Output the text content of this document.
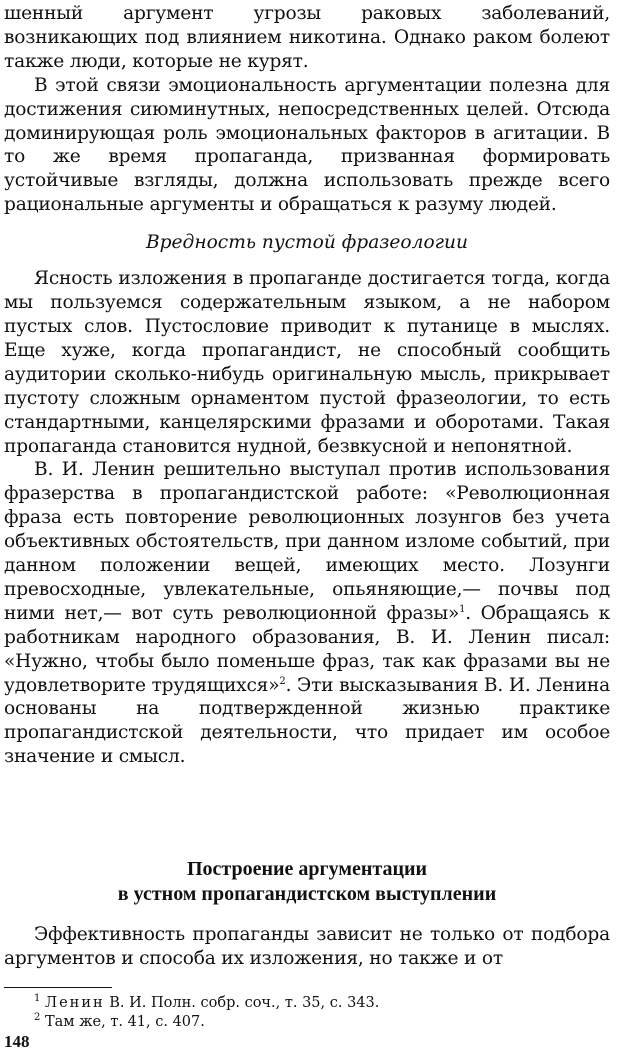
шенный аргумент угрозы раковых заболеваний, возникающих под влиянием никотина. Однако раком болеют также люди, которые не курят.

В этой связи эмоциональность аргументации полезна для достижения сиюминутных, непосредственных целей. Отсюда доминирующая роль эмоциональных факторов в агитации. В то же время пропаганда, призванная формировать устойчивые взгляды, должна использовать прежде всего рациональные аргументы и обращаться к разуму людей.

Вредность пустой фразеологии

Ясность изложения в пропаганде достигается тогда, когда мы пользуемся содержательным языком, а не набором пустых слов. Пустословие приводит к путанице в мыслях. Еще хуже, когда пропагандист, не способный сообщить аудитории сколько-нибудь оригинальную мысль, прикрывает пустоту сложным орнаментом пустой фразеологии, то есть стандартными, канцелярскими фразами и оборотами. Такая пропаганда становится нудной, безвкусной и непонятной.

В. И. Ленин решительно выступал против использования фразерства в пропагандистской работе: «Революционная фраза есть повторение революционных лозунгов без учета объективных обстоятельств, при данном изломе событий, при данном положении вещей, имеющих место. Лозунги превосходные, увлекательные, опьяняющие,— почвы под ними нет,— вот суть революционной фразы»$^1$. Обращаясь к работникам народного образования, В. И. Ленин писал: «Нужно, чтобы было поменьше фраз, так как фразами вы не удовлетворите трудящихся»$^2$. Эти высказывания В. И. Ленина основаны на подтвержденной жизнью практике пропагандистской деятельности, что придает им особое значение и смысл.

Построение аргументации
в устном пропагандистском выступлении

Эффективность пропаганды зависит не только от подбора аргументов и способа их изложения, но также и от

$^1$ Ленин В. И. Полн. собр. соч., т. 35, с. 343.

$^2$ Там же, т. 41, с. 407.

148
